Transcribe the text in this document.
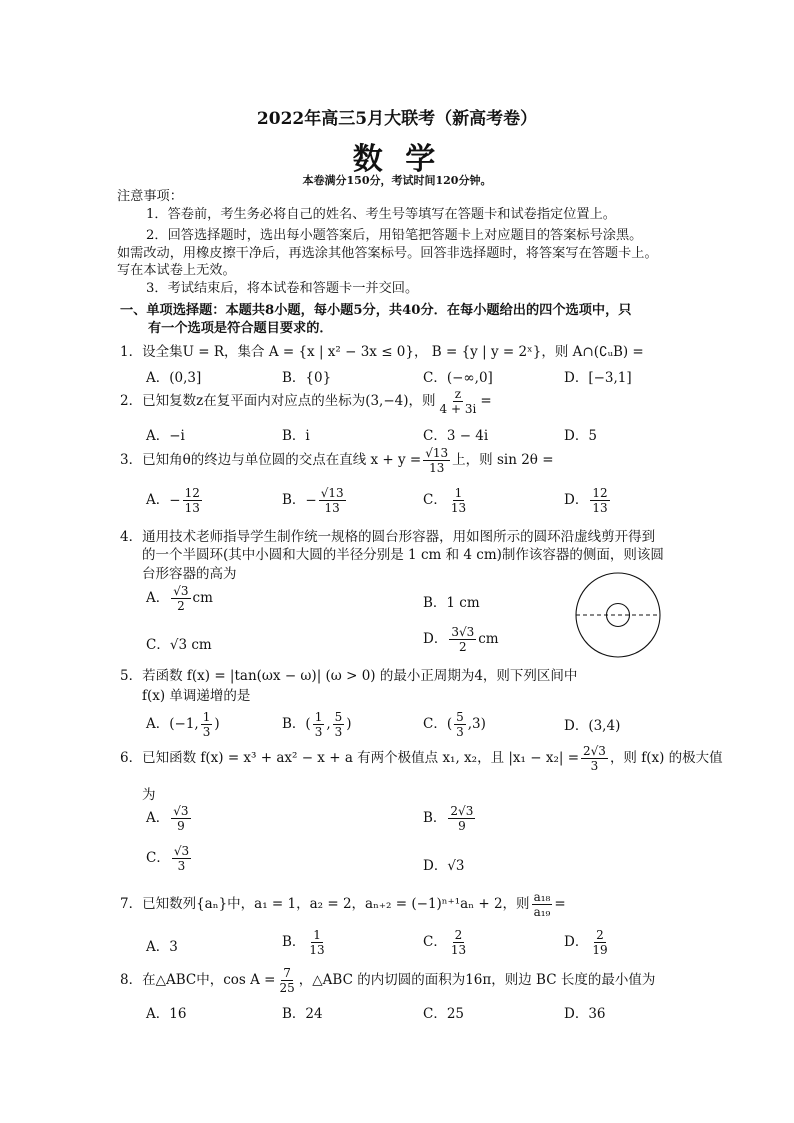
2022年高三5月大联考（新高考卷）
数 学
本卷满分150分，考试时间120分钟。
注意事项：
1．答卷前，考生务必将自己的姓名、考生号等填写在答题卡和试卷指定位置上。
2．回答选择题时，选出每小题答案后，用铅笔把答题卡上对应题目的答案标号涂黑。
如需改动，用橡皮擦干净后，再选涂其他答案标号。回答非选择题时，将答案写在答题卡上。
写在本试卷上无效。
3．考试结束后，将本试卷和答题卡一并交回。
一、单项选择题：本题共8小题，每小题5分，共40分．在每小题给出的四个选项中，只
有一个选项是符合题目要求的．
1．设全集U = R，集合 A = {x | x² − 3x ≤ 0}， B = {y | y = 2ˣ}，则 A∩(∁ᵤB) =
A．(0,3]	B．{0}	C．(−∞,0]	D．[−3,1]
2．已知复数z在复平面内对应点的坐标为(3,−4)，则 $\frac{z}{4 + 3i}$ =
A．−i	B．i	C．3 − 4i	D．5
3．已知角θ的终边与单位圆的交点在直线 $x + y = \frac{√13}{13}$ 上，则 sin 2θ =
A．− $\frac{12}{13}$	B．− $\frac{√13}{13}$	C． $\frac{1}{13}$	D． $\frac{12}{13}$
4．通用技术老师指导学生制作统一规格的圆台形容器，用如图所示的圆环沿虚线剪开得到
的一个半圆环(其中小圆和大圆的半径分别是 1 cm 和 4 cm)制作该容器的侧面，则该圆
台形容器的高为
A． $\frac{√3}{2}$ cm	B．1 cm
C．√3 cm	D． $\frac{3√3}{2}$ cm
5．若函数 f(x) = |tan(ωx − ω)| (ω > 0) 的最小正周期为4，则下列区间中
f(x) 单调递增的是
A．(−1, $\frac{1}{3}$ )	B．( $\frac{1}{3}$ , $\frac{5}{3}$ )	C．( $\frac{5}{3} ,3$)	D．(3,4)
6．已知函数 f(x) = x³ + ax² − x + a 有两个极值点 x₁, x₂，且 $|x_1 - x_2| = \frac{2√3}{3}$ ，则 f(x) 的极大值
为
A． $\frac{√3}{9}$	B． $\frac{2√3}{9}$
C． $\frac{√3}{3}$	D．√3
7．已知数列{aₙ}中，a₁ = 1，a₂ = 2，aₙ₊₂ = (−1)ⁿ⁺¹aₙ + 2，则 $\frac{\text{a₁₈}}{\text{a₁₉}}$ =
A．3	B． $\frac{1}{13}$	C． $\frac{2}{13}$	D． $\frac{2}{19}$
8．在△ABC中，$\cos A = \frac{7}{25}$ ，△ABC 的内切圆的面积为16π，则边 BC 长度的最小值为
A．16	B．24	C．25	D．36
